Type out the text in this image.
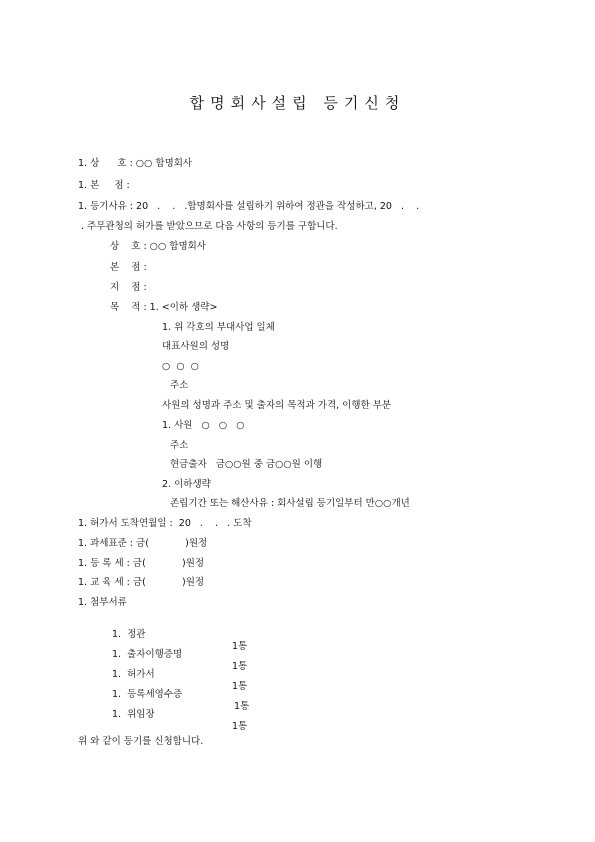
합명회사설립 등기신청
1. 상      호 : ○○ 합명회사
1. 본     점 :
1. 등기사유 : 20   .    .   .합명회사를 설립하기 위하여 정관을 작성하고, 20   .    .
. 주무관청의 허가를 받았으므로 다음 사항의 등기를 구합니다.
상    호 : ○○ 합명회사
본    점 :
지    점 :
목    적 : 1. <이하 생략>
1. 위 각호의 부대사업 일체
대표사원의 성명
○  ○  ○
주소
사원의 성명과 주소 및 출자의 목적과 가격, 이행한 부분
1. 사원   ○   ○   ○
주소
현금출자   금○○원 중 금○○원 이행
2. 이하생략
존립기간 또는 해산사유 : 회사설립 등기일부터 만○○개년
1. 허가서 도착연월일 :  20   .    .   . 도착
1. 과세표준 : 금(            )원정
1. 등 록 세 : 금(            )원정
1. 교 육 세 : 금(            )원정
1. 첨부서류

1.  정관

1통

1.  출자이행증명

1통

1.  허가서

1통

1.  등록세영수증

1통

1.  위임장

1통

위 와 같이 등기를 신청합니다.
